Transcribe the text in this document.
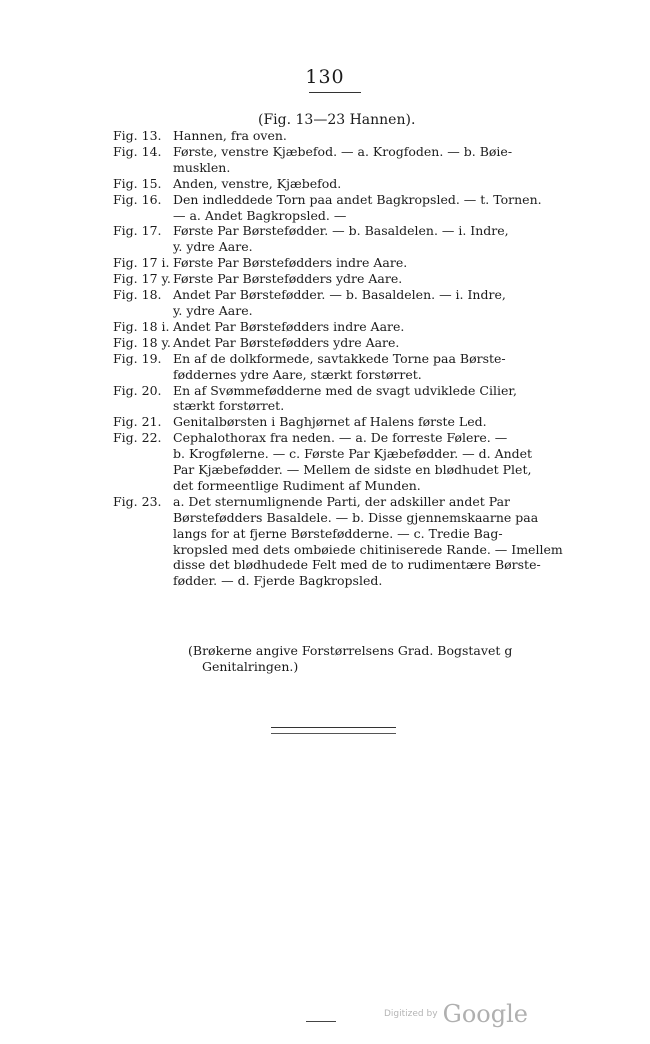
130
(Fig. 13—23 Hannen).
Fig. 13. Hannen, fra oven.
Fig. 14. Første, venstre Kjæbefod. — a. Krogfoden. — b. Bøie-
musklen.
Fig. 15. Anden, venstre, Kjæbefod.
Fig. 16. Den indleddede Torn paa andet Bagkropsled. — t. Tornen.
— a. Andet Bagkropsled. —
Fig. 17. Første Par Børstefødder. — b. Basaldelen. — i. Indre,
y. ydre Aare.
Fig. 17 i. Første Par Børstefødders indre Aare.
Fig. 17 y. Første Par Børstefødders ydre Aare.
Fig. 18. Andet Par Børstefødder. — b. Basaldelen. — i. Indre,
y. ydre Aare.
Fig. 18 i. Andet Par Børstefødders indre Aare.
Fig. 18 y. Andet Par Børstefødders ydre Aare.
Fig. 19. En af de dolkformede, savtakkede Torne paa Børste-
føddernes ydre Aare, stærkt forstørret.
Fig. 20. En af Svømmefødderne med de svagt udviklede Cilier,
stærkt forstørret.
Fig. 21. Genitalbørsten i Baghjørnet af Halens første Led.
Fig. 22. Cephalothorax fra neden. — a. De forreste Følere. —
b. Krogfølerne. — c. Første Par Kjæbefødder. — d. Andet
Par Kjæbefødder. — Mellem de sidste en blødhudet Plet,
det formeentlige Rudiment af Munden.
Fig. 23. a. Det sternumlignende Parti, der adskiller andet Par
Børstefødders Basaldele. — b. Disse gjennemskaarne paa
langs for at fjerne Børstefødderne. — c. Tredie Bag-
kropsled med dets ombøiede chitiniserede Rande. — Imellem
disse det blødhudede Felt med de to rudimentære Børste-
fødder. — d. Fjerde Bagkropsled.
(Brøkerne angive Forstørrelsens Grad. Bogstavet g
Genitalringen.)
Digitized by Google
